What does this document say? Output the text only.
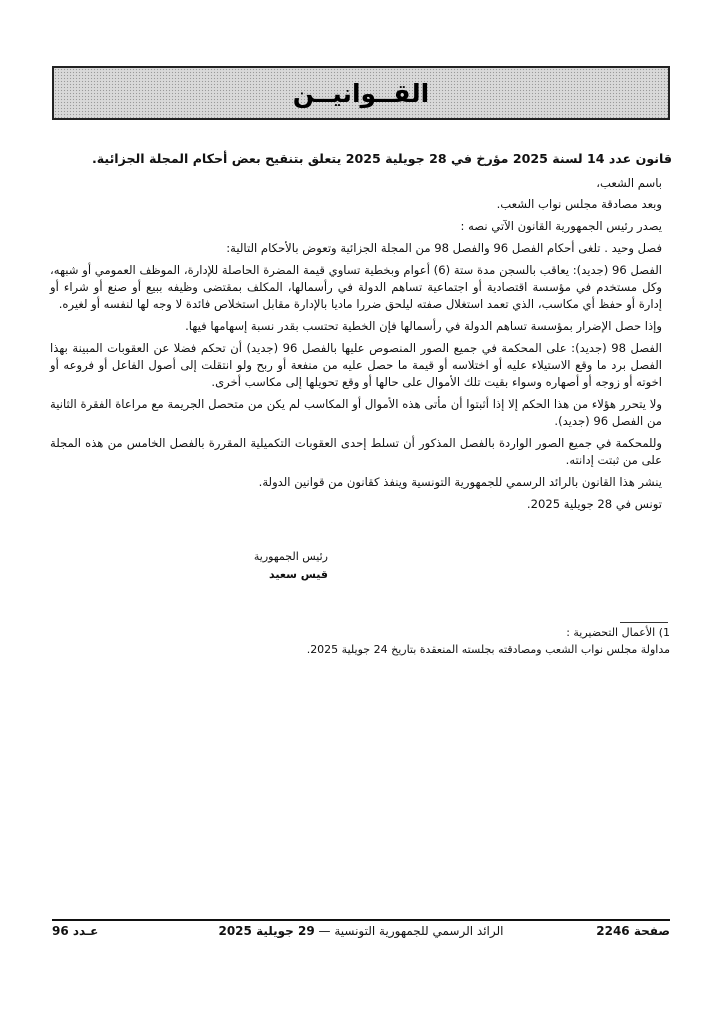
القــوانيــن
قانون عدد 14 لسنة 2025 مؤرخ في 28 جويلية 2025 يتعلق بتنقيح بعض أحكام المجلة الجزائية.

باسم الشعب،

وبعد مصادقة مجلس نواب الشعب.

يصدر رئيس الجمهورية القانون الآتي نصه :

فصل وحيد . تلغى أحكام الفصل 96 والفصل 98 من المجلة الجزائية وتعوض بالأحكام التالية:

الفصل 96 (جديد): يعاقب بالسجن مدة ستة (6) أعوام وبخطية تساوي قيمة المضرة الحاصلة للإدارة، الموظف العمومي أو شبهه، وكل مستخدم في مؤسسة اقتصادية أو اجتماعية تساهم الدولة في رأسمالها، المكلف بمقتضى وظيفه ببيع أو صنع أو شراء أو إدارة أو حفظ أي مكاسب، الذي تعمد استغلال صفته ليلحق ضررا ماديا بالإدارة مقابل استخلاص فائدة لا وجه لها لنفسه أو لغيره.

وإذا حصل الإضرار بمؤسسة تساهم الدولة في رأسمالها فإن الخطية تحتسب بقدر نسبة إسهامها فيها.

الفصل 98 (جديد): على المحكمة في جميع الصور المنصوص عليها بالفصل 96 (جديد) أن تحكم فضلا عن العقوبات المبينة بهذا الفصل برد ما وقع الاستيلاء عليه أو اختلاسه أو قيمة ما حصل عليه من منفعة أو ربح ولو انتقلت إلى أصول الفاعل أو فروعه أو اخوته أو زوجه أو أصهاره وسواء بقيت تلك الأموال على حالها أو وقع تحويلها إلى مكاسب أخرى.

ولا يتحرر هؤلاء من هذا الحكم إلا إذا أثبتوا أن مأتى هذه الأموال أو المكاسب لم يكن من متحصل الجريمة مع مراعاة الفقرة الثانية من الفصل 96 (جديد).

وللمحكمة في جميع الصور الواردة بالفصل المذكور أن تسلط إحدى العقوبات التكميلية المقررة بالفصل الخامس من هذه المجلة على من ثبتت إدانته.

ينشر هذا القانون بالرائد الرسمي للجمهورية التونسية وينفذ كقانون من قوانين الدولة.

تونس في 28 جويلية 2025.

رئيس الجمهورية
قيس سعيد
1) الأعمال التحضيرية :
مداولة مجلس نواب الشعب ومصادقته بجلسته المنعقدة بتاريخ 24 جويلية 2025.
صفحة 2246
الرائد الرسمي للجمهورية التونسية — 29 جويلية 2025
عـدد 96
